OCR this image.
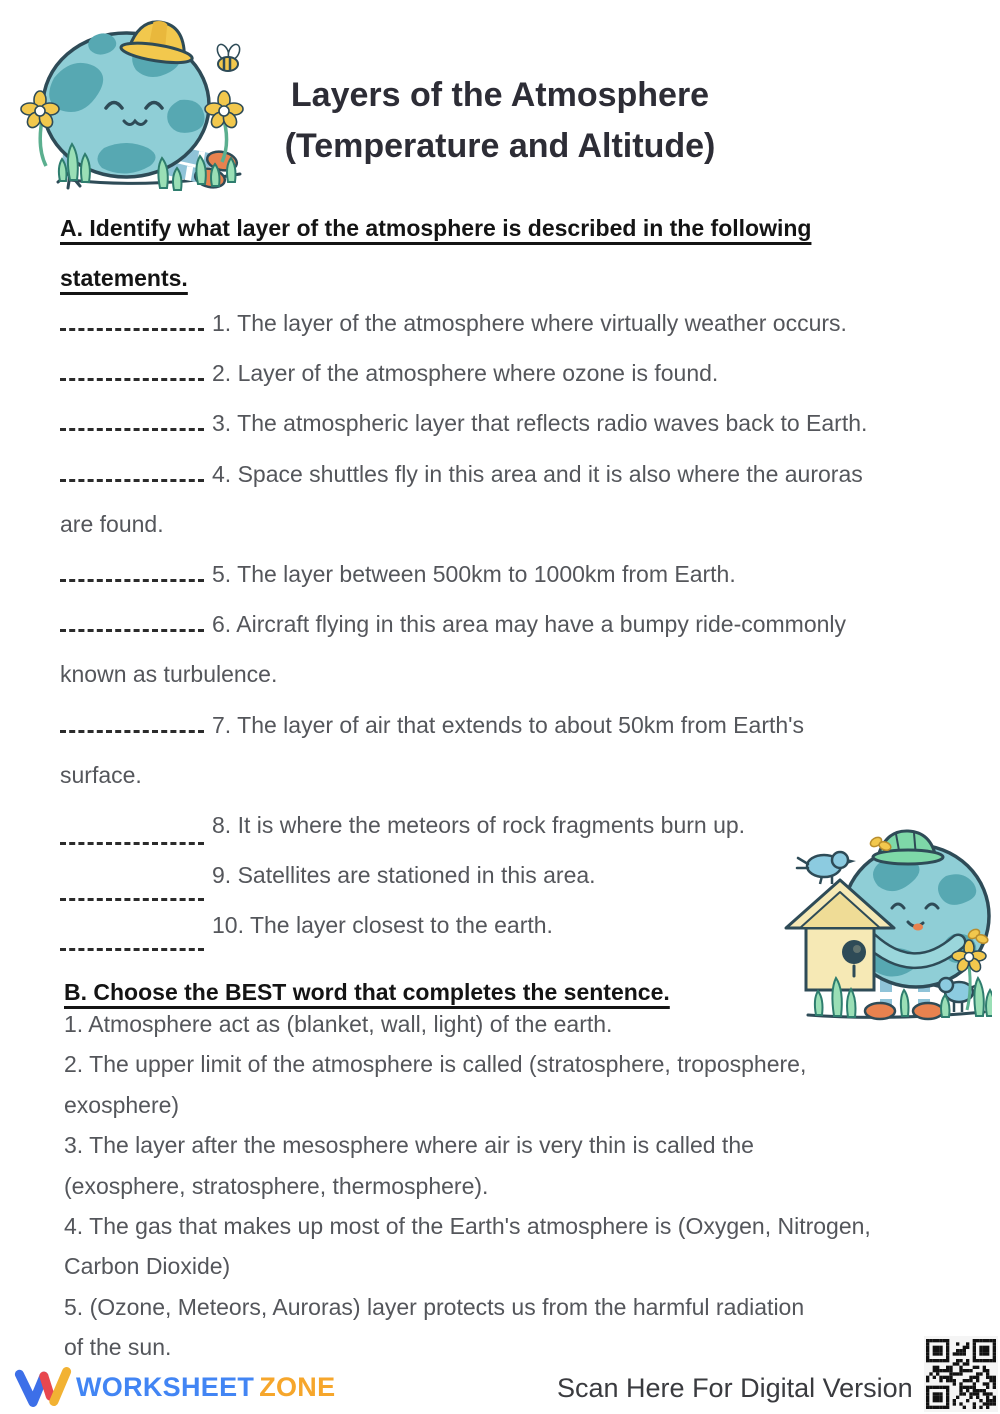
Layers of the Atmosphere
(Temperature and Altitude)
A. Identify what layer of the atmosphere is described in the following
statements.
1. The layer of the atmosphere where virtually weather occurs.
2. Layer of the atmosphere where ozone is found.
3. The atmospheric layer that reflects radio waves back to Earth.
4. Space shuttles fly in this area and it is also where the auroras
are found.
5. The layer between 500km to 1000km from Earth.
6. Aircraft flying in this area may have a bumpy ride-commonly
known as turbulence.
7. The layer of air that extends to about 50km from Earth's
surface.
8. It is where the meteors of rock fragments burn up.
9. Satellites are stationed in this area.
10. The layer closest to the earth.
B. Choose the BEST word that completes the sentence.
1. Atmosphere act as (blanket, wall, light) of the earth.
2. The upper limit of the atmosphere is called (stratosphere, troposphere,
exosphere)
3. The layer after the mesosphere where air is very thin is called the
(exosphere, stratosphere, thermosphere).
4. The gas that makes up most of the Earth's atmosphere is (Oxygen, Nitrogen,
Carbon Dioxide)
5. (Ozone, Meteors, Auroras) layer protects us from the harmful radiation
of the sun.
WORKSHEET ZONE	Scan Here For Digital Version
